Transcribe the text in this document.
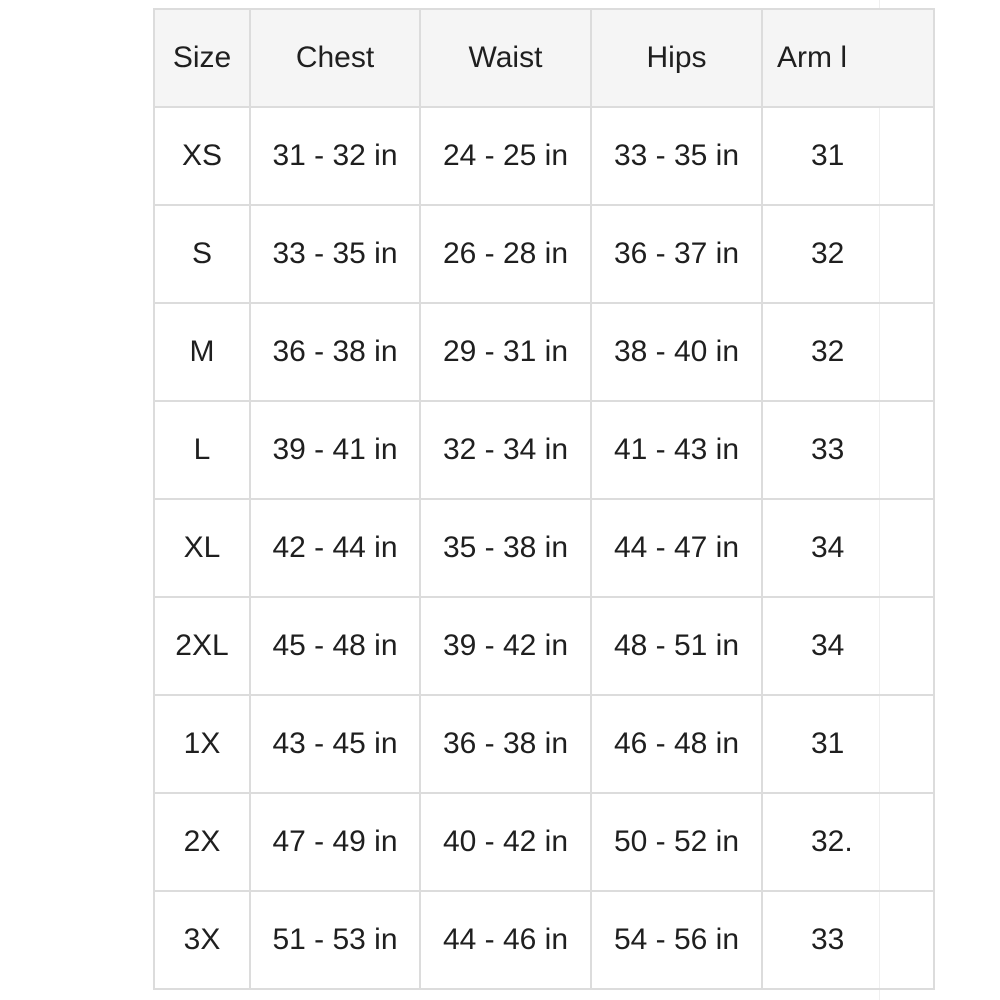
Size	Chest	Waist	Hips	Arm l
XS	31 - 32 in	24 - 25 in	33 - 35 in	31
S	33 - 35 in	26 - 28 in	36 - 37 in	32
M	36 - 38 in	29 - 31 in	38 - 40 in	32
L	39 - 41 in	32 - 34 in	41 - 43 in	33
XL	42 - 44 in	35 - 38 in	44 - 47 in	34
2XL	45 - 48 in	39 - 42 in	48 - 51 in	34
1X	43 - 45 in	36 - 38 in	46 - 48 in	31
2X	47 - 49 in	40 - 42 in	50 - 52 in	32.
3X	51 - 53 in	44 - 46 in	54 - 56 in	33
